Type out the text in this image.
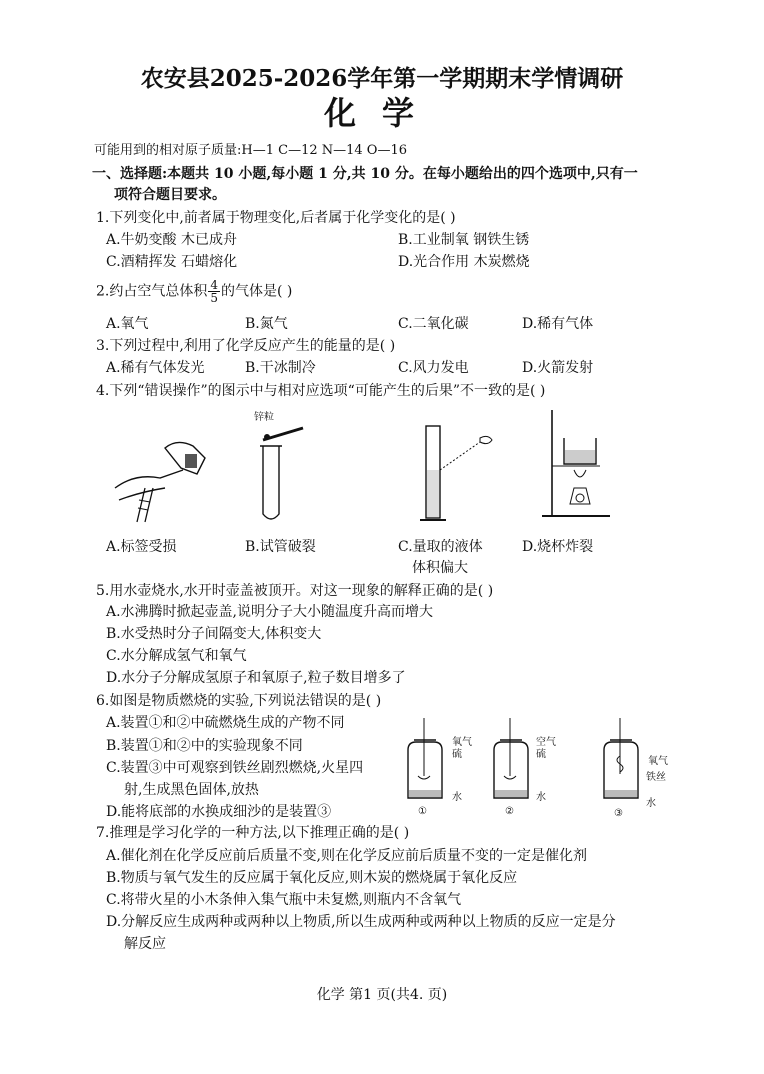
农安县2025-2026学年第一学期期末学情调研
化学
可能用到的相对原子质量:H—1 C—12 N—14 O—16
一、选择题:本题共 10 小题,每小题 1 分,共 10 分。在每小题给出的四个选项中,只有一
项符合题目要求。
1.下列变化中,前者属于物理变化,后者属于化学变化的是( )
A.牛奶变酸 木已成舟	B.工业制氧 钢铁生锈
C.酒精挥发 石蜡熔化	D.光合作用 木炭燃烧
2.约占空气总体积 $\frac{4}{5}$ 的气体是( )
A.氧气	B.氮气	C.二氧化碳	D.稀有气体
3.下列过程中,利用了化学反应产生的能量的是( )
A.稀有气体发光	B.干冰制冷	C.风力发电	D.火箭发射
4.下列“错误操作”的图示中与相对应选项“可能产生的后果”不一致的是( )
锌粒
A.标签受损	B.试管破裂	C.量取的液体
体积偏大
D.烧杯炸裂
5.用水壶烧水,水开时壶盖被顶开。对这一现象的解释正确的是( )
A.水沸腾时掀起壶盖,说明分子大小随温度升高而增大
B.水受热时分子间隔变大,体积变大
C.水分解成氢气和氧气
D.水分子分解成氢原子和氧原子,粒子数目增多了
6.如图是物质燃烧的实验,下列说法错误的是( )
A.装置①和②中硫燃烧生成的产物不同
B.装置①和②中的实验现象不同
C.装置③中可观察到铁丝剧烈燃烧,火星四
射,生成黑色固体,放热
D.能将底部的水换成细沙的是装置③
氧气
硫
水
①
空气
硫
水
②
氧气
铁丝
水
③
7.推理是学习化学的一种方法,以下推理正确的是( )
A.催化剂在化学反应前后质量不变,则在化学反应前后质量不变的一定是催化剂
B.物质与氧气发生的反应属于氧化反应,则木炭的燃烧属于氧化反应
C.将带火星的小木条伸入集气瓶中未复燃,则瓶内不含氧气
D.分解反应生成两种或两种以上物质,所以生成两种或两种以上物质的反应一定是分
解反应
化学 第1 页(共4. 页)
